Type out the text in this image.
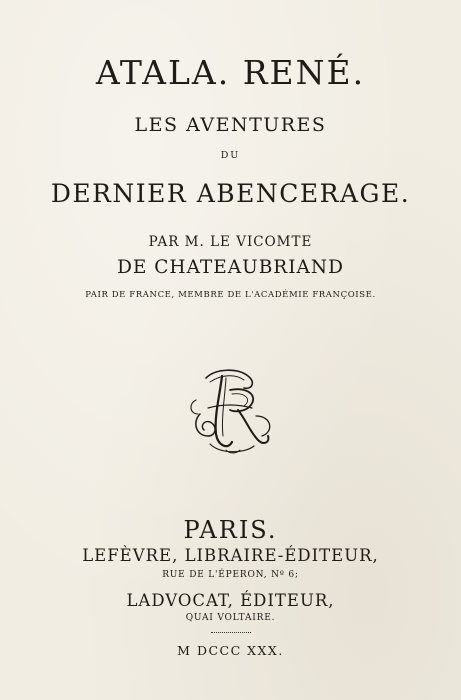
ATALA. RENÉ.
LES AVENTURES
DU
DERNIER ABENCERAGE.
PAR M. LE VICOMTE
DE CHATEAUBRIAND
PAIR DE FRANCE, MEMBRE DE L'ACADÉMIE FRANÇOISE.
PARIS.
LEFÈVRE, LIBRAIRE-ÉDITEUR,
RUE DE L'ÉPERON, Nº 6;
LADVOCAT, ÉDITEUR,
QUAI VOLTAIRE.
M DCCC XXX.
